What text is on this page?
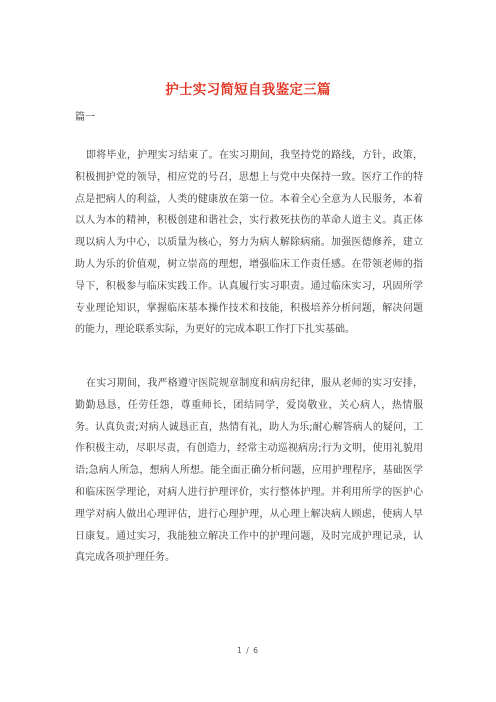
护士实习简短自我鉴定三篇
篇一

即将毕业，护理实习结束了。在实习期间，我坚持党的路线，方针，政策，积极拥护党的领导，相应党的号召，思想上与党中央保持一致。医疗工作的特点是把病人的利益，人类的健康放在第一位。本着全心全意为人民服务，本着以人为本的精神，积极创建和谐社会，实行救死扶伤的革命人道主义。真正体现以病人为中心，以质量为核心，努力为病人解除病痛。加强医德修养，建立助人为乐的价值观，树立崇高的理想，增强临床工作责任感。在带领老师的指导下，积极参与临床实践工作。认真履行实习职责。通过临床实习，巩固所学专业理论知识，掌握临床基本操作技术和技能，积极培养分析问题，解决问题的能力，理论联系实际，为更好的完成本职工作打下扎实基础。

在实习期间，我严格遵守医院规章制度和病房纪律，服从老师的实习安排，勤勤恳恳，任劳任怨，尊重师长，团结同学，爱岗敬业，关心病人，热情服务。认真负责;对病人诚恳正直，热情有礼，助人为乐;耐心解答病人的疑问，工作积极主动，尽职尽责，有创造力，经常主动巡视病房;行为文明，使用礼貌用语;急病人所急，想病人所想。能全面正确分析问题，应用护理程序，基础医学和临床医学理论，对病人进行护理评价，实行整体护理。并利用所学的医护心理学对病人做出心理评估，进行心理护理，从心理上解决病人顾虑，使病人早日康复。通过实习，我能独立解决工作中的护理问题，及时完成护理记录，认真完成各项护理任务。

1 / 6
